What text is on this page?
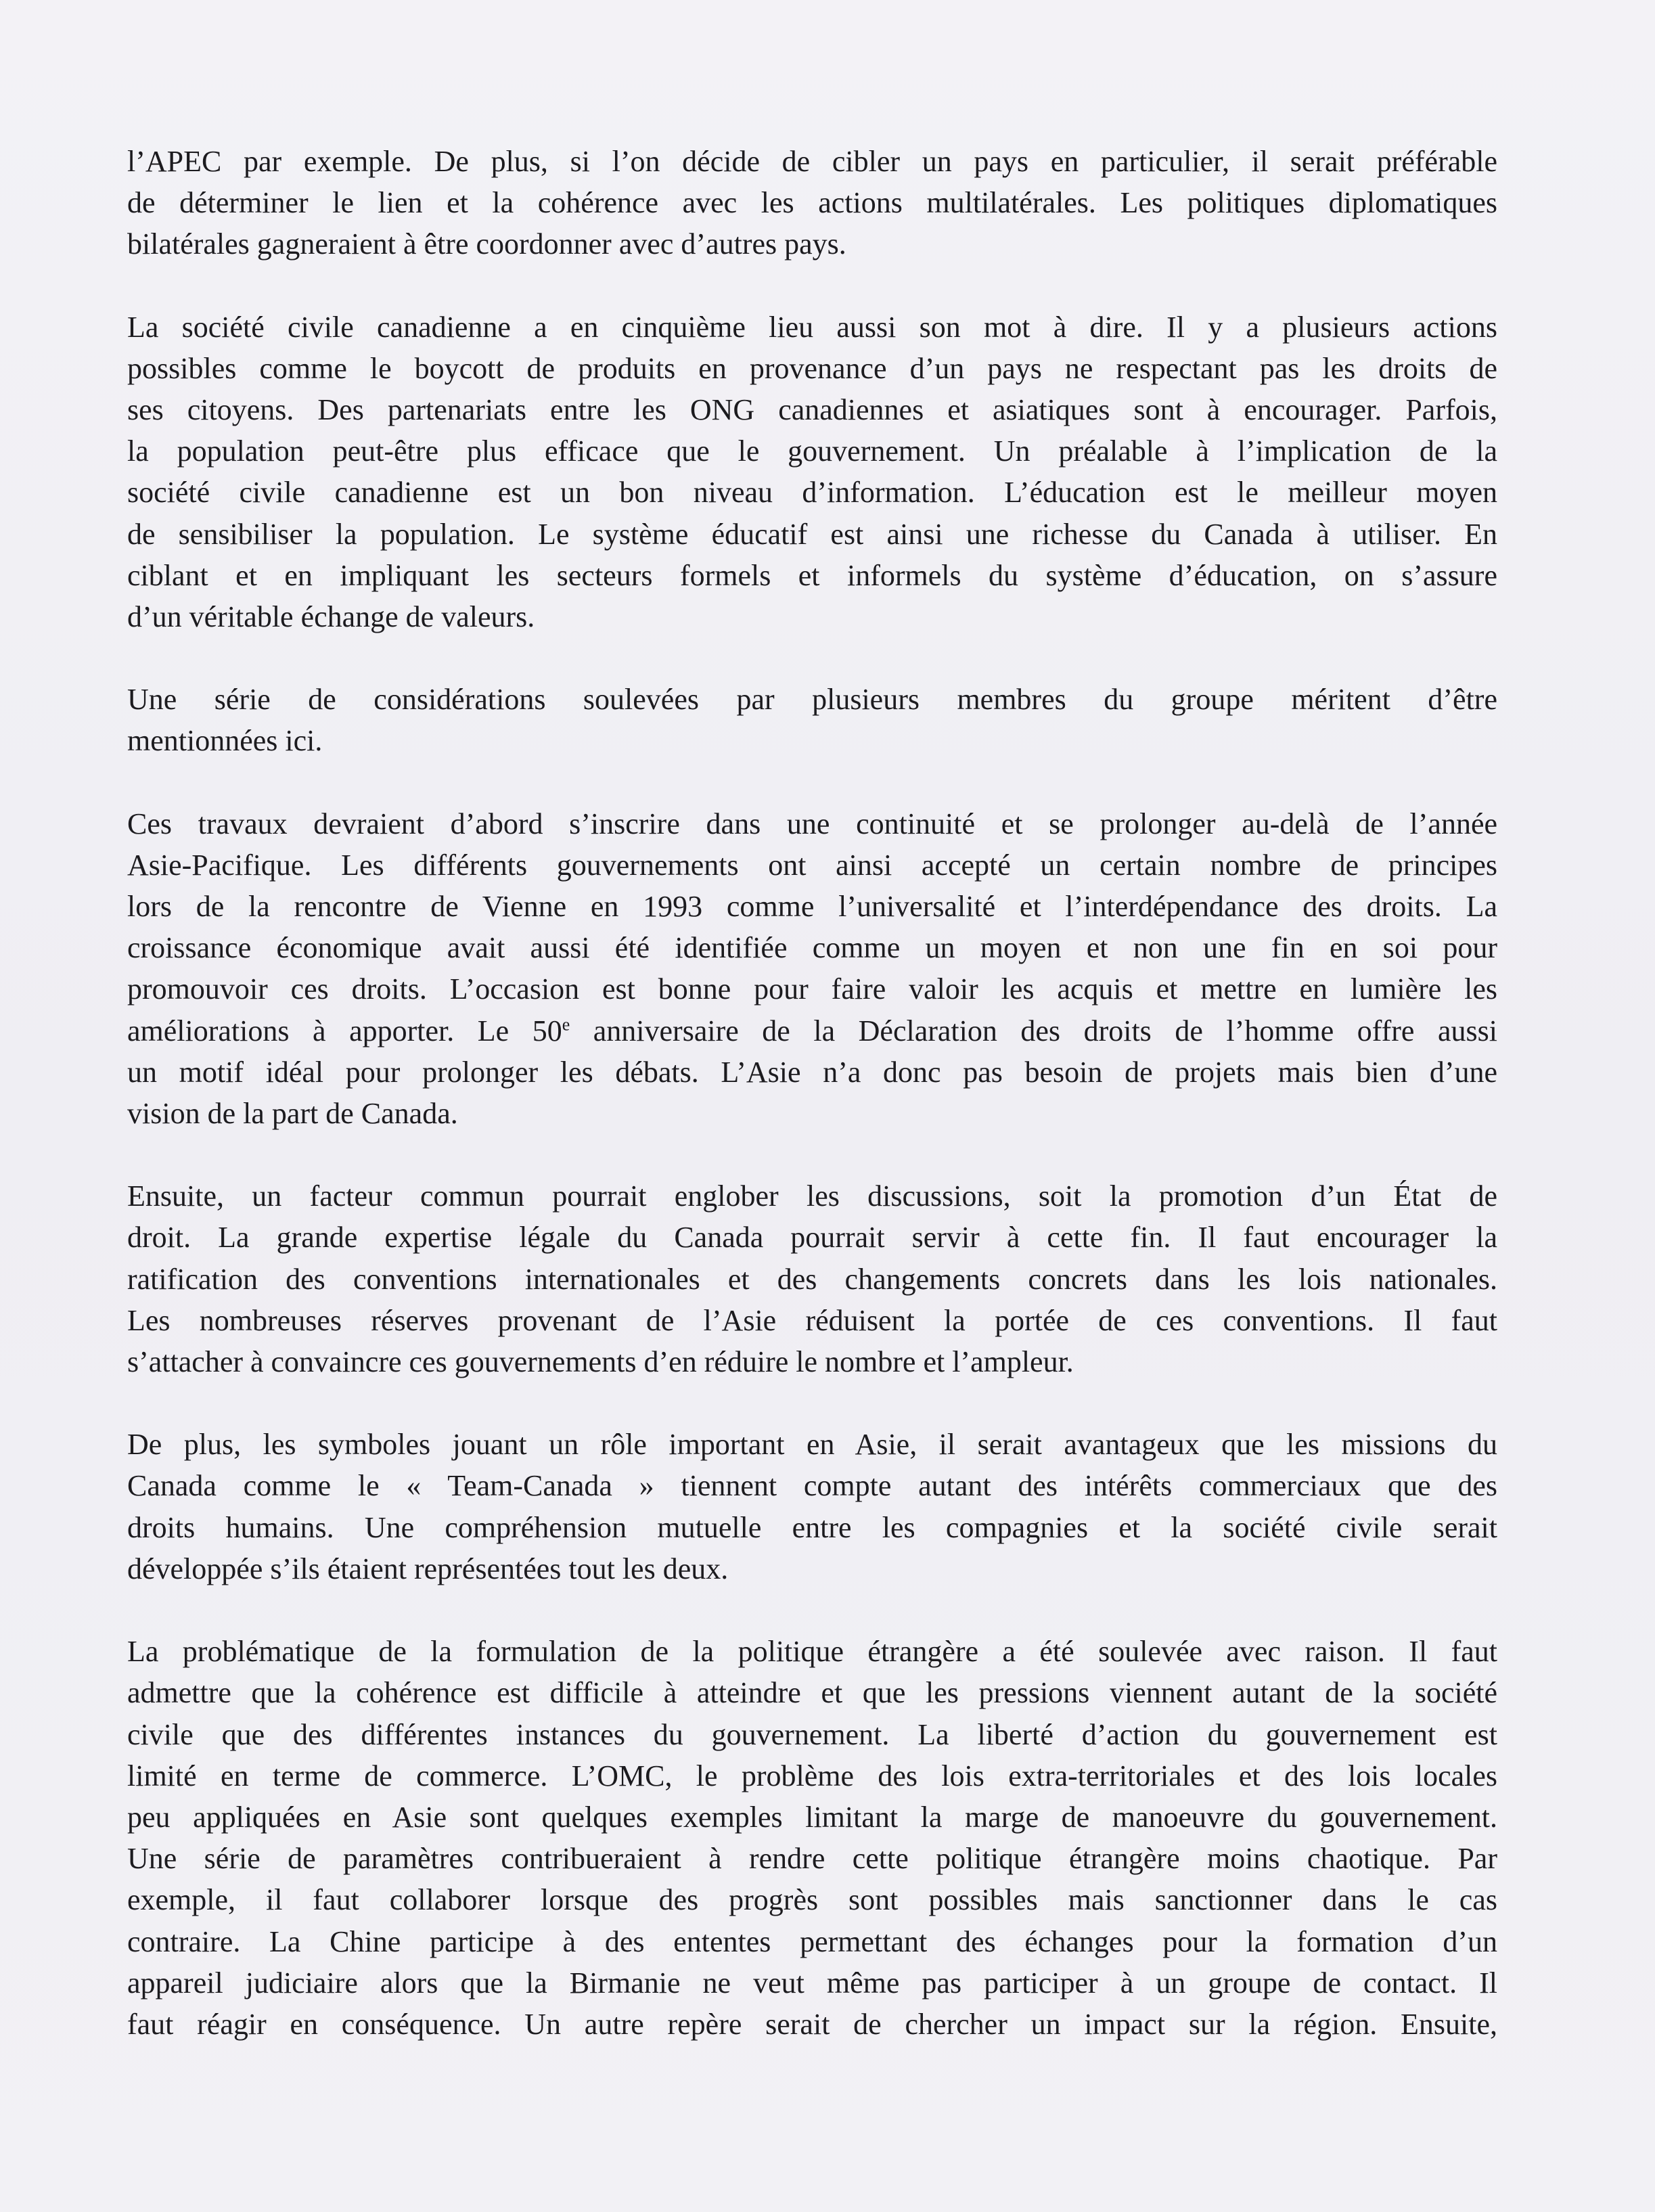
l’APEC par exemple. De plus, si l’on décide de cibler un pays en particulier, il serait préférable
de déterminer le lien et la cohérence avec les actions multilatérales. Les politiques diplomatiques
bilatérales gagneraient à être coordonner avec d’autres pays.
La société civile canadienne a en cinquième lieu aussi son mot à dire. Il y a plusieurs actions
possibles comme le boycott de produits en provenance d’un pays ne respectant pas les droits de
ses citoyens. Des partenariats entre les ONG canadiennes et asiatiques sont à encourager. Parfois,
la population peut-être plus efficace que le gouvernement. Un préalable à l’implication de la
société civile canadienne est un bon niveau d’information. L’éducation est le meilleur moyen
de sensibiliser la population. Le système éducatif est ainsi une richesse du Canada à utiliser. En
ciblant et en impliquant les secteurs formels et informels du système d’éducation, on s’assure
d’un véritable échange de valeurs.
Une série de considérations soulevées par plusieurs membres du groupe méritent d’être
mentionnées ici.
Ces travaux devraient d’abord s’inscrire dans une continuité et se prolonger au-delà de l’année
Asie-Pacifique. Les différents gouvernements ont ainsi accepté un certain nombre de principes
lors de la rencontre de Vienne en 1993 comme l’universalité et l’interdépendance des droits. La
croissance économique avait aussi été identifiée comme un moyen et non une fin en soi pour
promouvoir ces droits. L’occasion est bonne pour faire valoir les acquis et mettre en lumière les
améliorations à apporter. Le 50e anniversaire de la Déclaration des droits de l’homme offre aussi
un motif idéal pour prolonger les débats. L’Asie n’a donc pas besoin de projets mais bien d’une
vision de la part de Canada.
Ensuite, un facteur commun pourrait englober les discussions, soit la promotion d’un État de
droit. La grande expertise légale du Canada pourrait servir à cette fin. Il faut encourager la
ratification des conventions internationales et des changements concrets dans les lois nationales.
Les nombreuses réserves provenant de l’Asie réduisent la portée de ces conventions. Il faut
s’attacher à convaincre ces gouvernements d’en réduire le nombre et l’ampleur.
De plus, les symboles jouant un rôle important en Asie, il serait avantageux que les missions du
Canada comme le « Team-Canada » tiennent compte autant des intérêts commerciaux que des
droits humains. Une compréhension mutuelle entre les compagnies et la société civile serait
développée s’ils étaient représentées tout les deux.
La problématique de la formulation de la politique étrangère a été soulevée avec raison. Il faut
admettre que la cohérence est difficile à atteindre et que les pressions viennent autant de la société
civile que des différentes instances du gouvernement. La liberté d’action du gouvernement est
limité en terme de commerce. L’OMC, le problème des lois extra-territoriales et des lois locales
peu appliquées en Asie sont quelques exemples limitant la marge de manoeuvre du gouvernement.
Une série de paramètres contribueraient à rendre cette politique étrangère moins chaotique. Par
exemple, il faut collaborer lorsque des progrès sont possibles mais sanctionner dans le cas
contraire. La Chine participe à des ententes permettant des échanges pour la formation d’un
appareil judiciaire alors que la Birmanie ne veut même pas participer à un groupe de contact. Il
faut réagir en conséquence. Un autre repère serait de chercher un impact sur la région. Ensuite,
